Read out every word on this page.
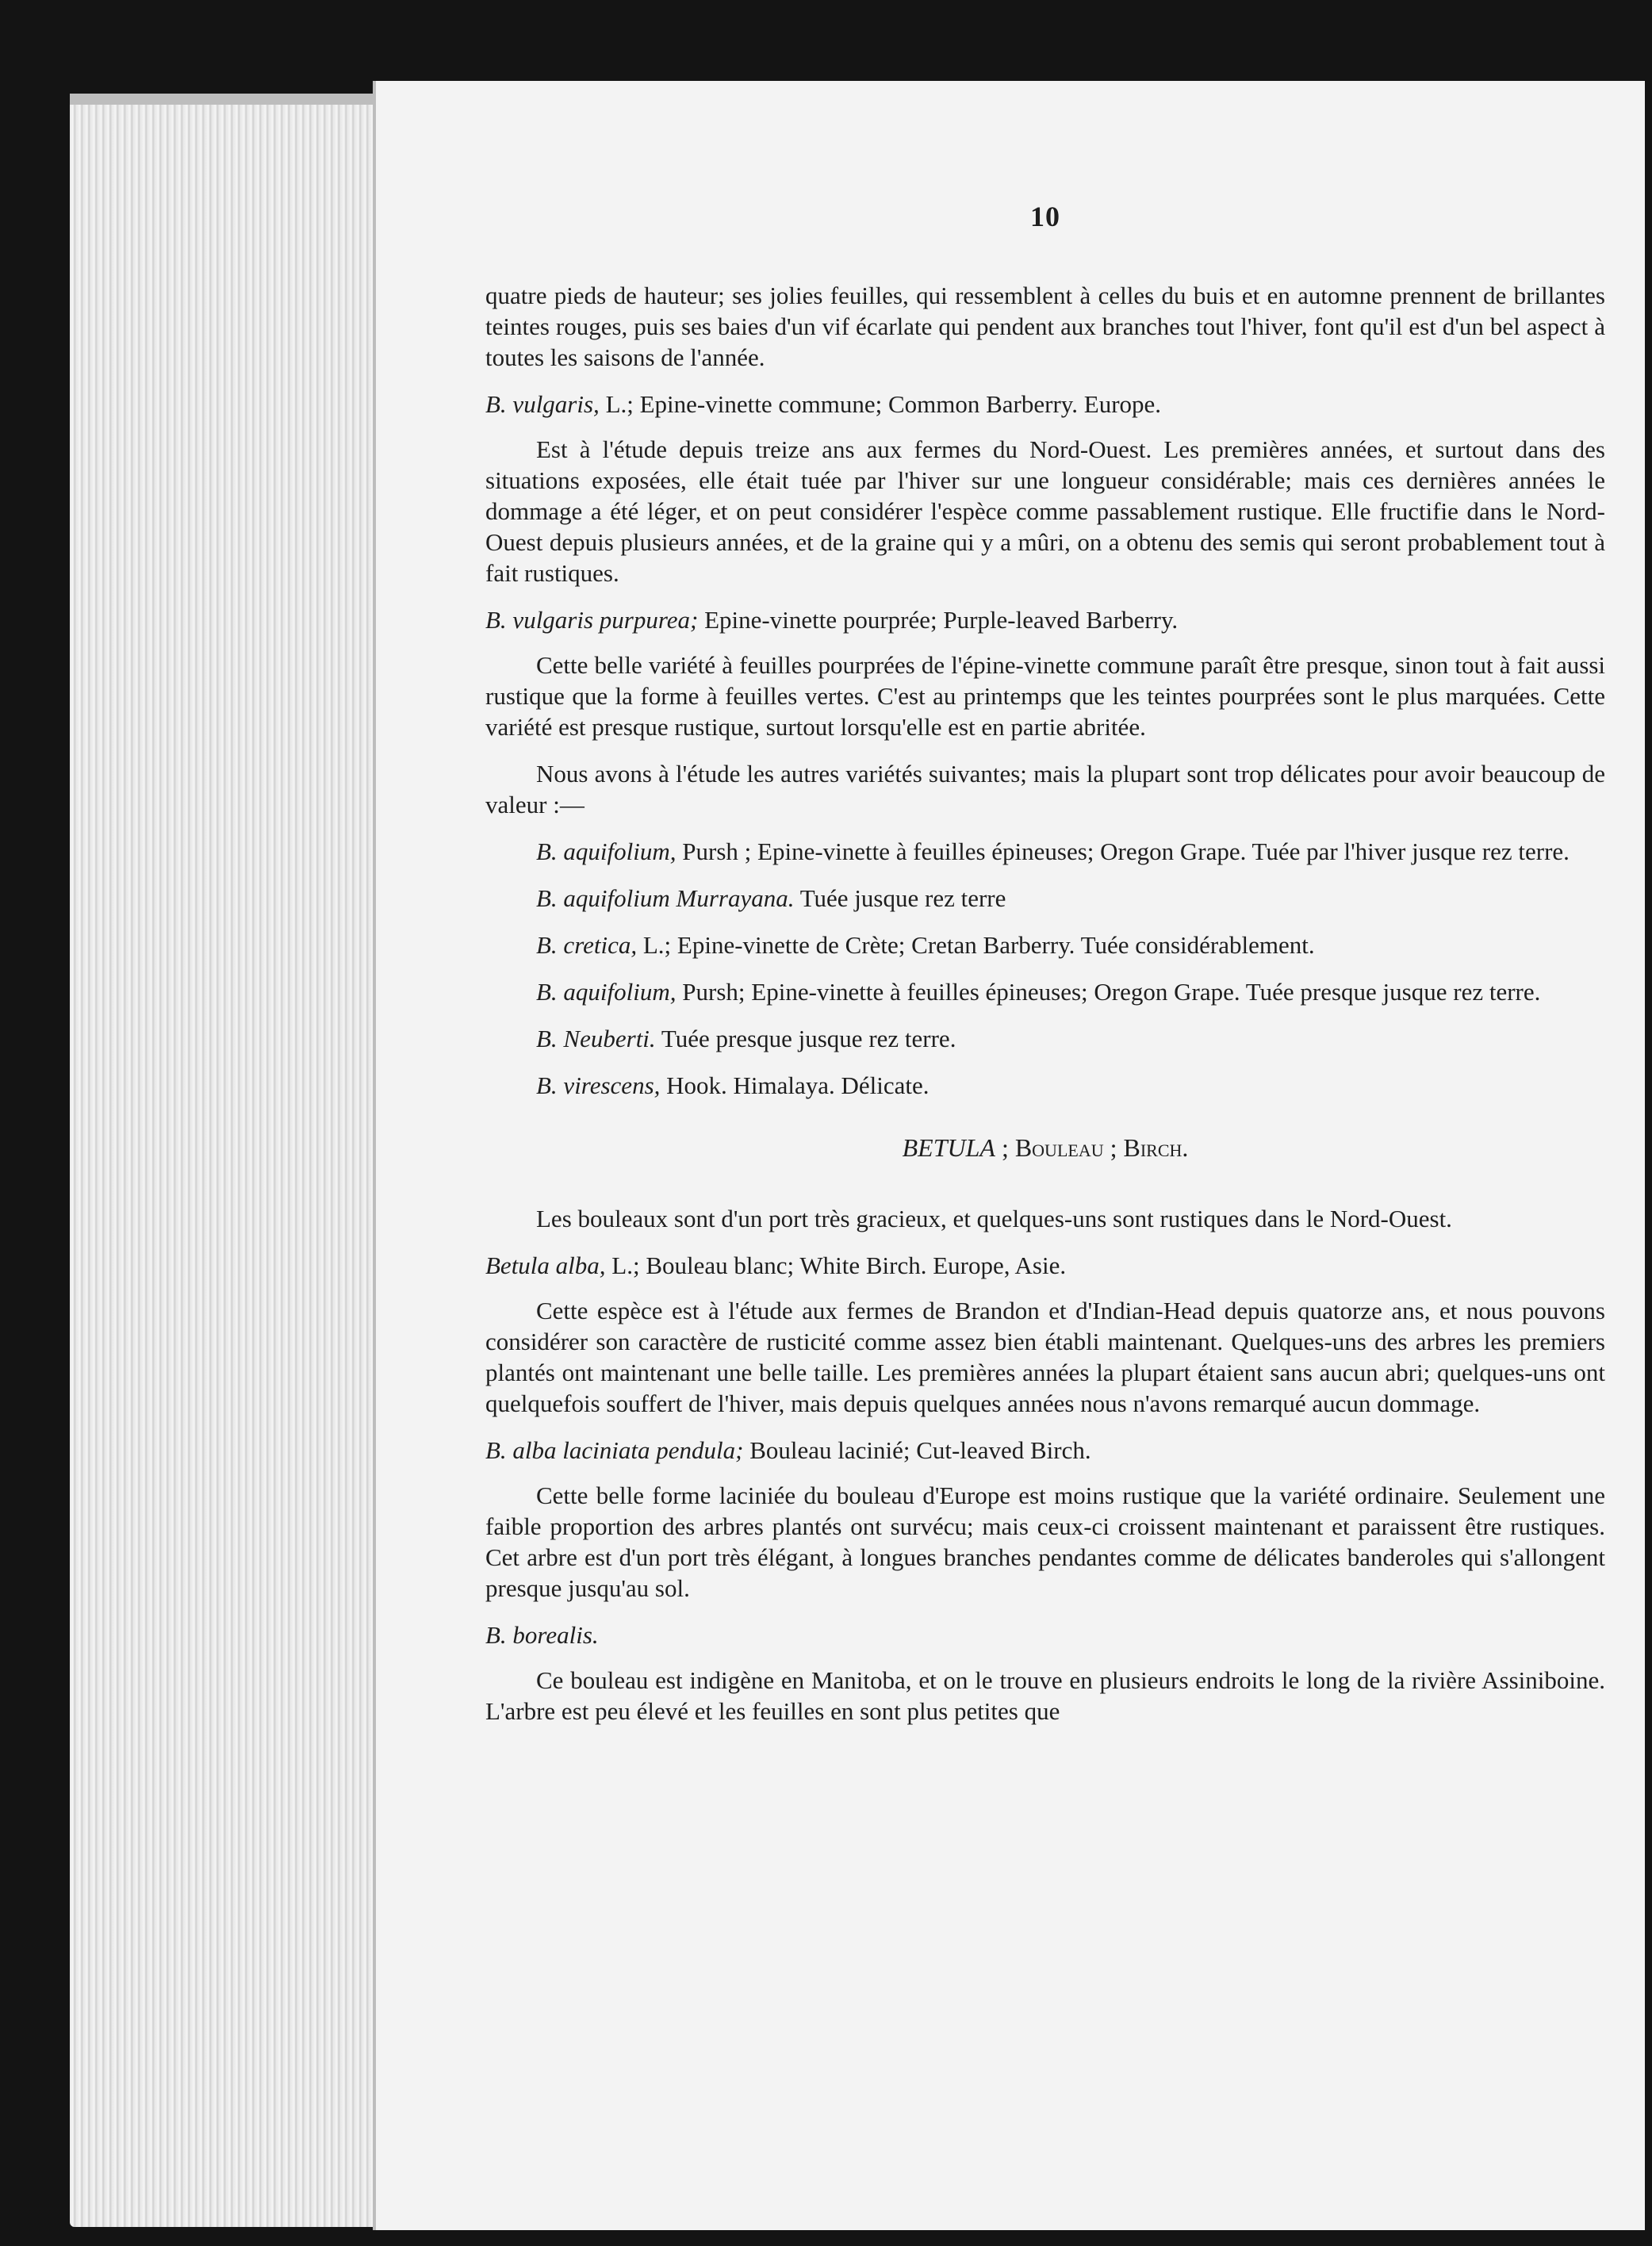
10

quatre pieds de hauteur; ses jolies feuilles, qui ressemblent à celles du buis et en automne prennent de brillantes teintes rouges, puis ses baies d'un vif écarlate qui pendent aux branches tout l'hiver, font qu'il est d'un bel aspect à toutes les saisons de l'année.

B. vulgaris, L.; Epine-vinette commune; Common Barberry. Europe.

Est à l'étude depuis treize ans aux fermes du Nord-Ouest. Les premières années, et surtout dans des situations exposées, elle était tuée par l'hiver sur une longueur considérable; mais ces dernières années le dommage a été léger, et on peut considérer l'espèce comme passablement rustique. Elle fructifie dans le Nord-Ouest depuis plusieurs années, et de la graine qui y a mûri, on a obtenu des semis qui seront probablement tout à fait rustiques.

B. vulgaris purpurea; Epine-vinette pourprée; Purple-leaved Barberry.

Cette belle variété à feuilles pourprées de l'épine-vinette commune paraît être presque, sinon tout à fait aussi rustique que la forme à feuilles vertes. C'est au printemps que les teintes pourprées sont le plus marquées. Cette variété est presque rustique, surtout lorsqu'elle est en partie abritée.

Nous avons à l'étude les autres variétés suivantes; mais la plupart sont trop délicates pour avoir beaucoup de valeur :—

B. aquifolium, Pursh ; Epine-vinette à feuilles épineuses; Oregon Grape. Tuée par l'hiver jusque rez terre.

B. aquifolium Murrayana. Tuée jusque rez terre

B. cretica, L.; Epine-vinette de Crète; Cretan Barberry. Tuée considérablement.

B. aquifolium, Pursh; Epine-vinette à feuilles épineuses; Oregon Grape. Tuée presque jusque rez terre.

B. Neuberti. Tuée presque jusque rez terre.

B. virescens, Hook. Himalaya. Délicate.

BETULA ; Bouleau ; Birch.

Les bouleaux sont d'un port très gracieux, et quelques-uns sont rustiques dans le Nord-Ouest.

Betula alba, L.; Bouleau blanc; White Birch. Europe, Asie.

Cette espèce est à l'étude aux fermes de Brandon et d'Indian-Head depuis quatorze ans, et nous pouvons considérer son caractère de rusticité comme assez bien établi maintenant. Quelques-uns des arbres les premiers plantés ont maintenant une belle taille. Les premières années la plupart étaient sans aucun abri; quelques-uns ont quelquefois souffert de l'hiver, mais depuis quelques années nous n'avons remarqué aucun dommage.

B. alba laciniata pendula; Bouleau lacinié; Cut-leaved Birch.

Cette belle forme laciniée du bouleau d'Europe est moins rustique que la variété ordinaire. Seulement une faible proportion des arbres plantés ont survécu; mais ceux-ci croissent maintenant et paraissent être rustiques. Cet arbre est d'un port très élégant, à longues branches pendantes comme de délicates banderoles qui s'allongent presque jusqu'au sol.

B. borealis.

Ce bouleau est indigène en Manitoba, et on le trouve en plusieurs endroits le long de la rivière Assiniboine. L'arbre est peu élevé et les feuilles en sont plus petites que
